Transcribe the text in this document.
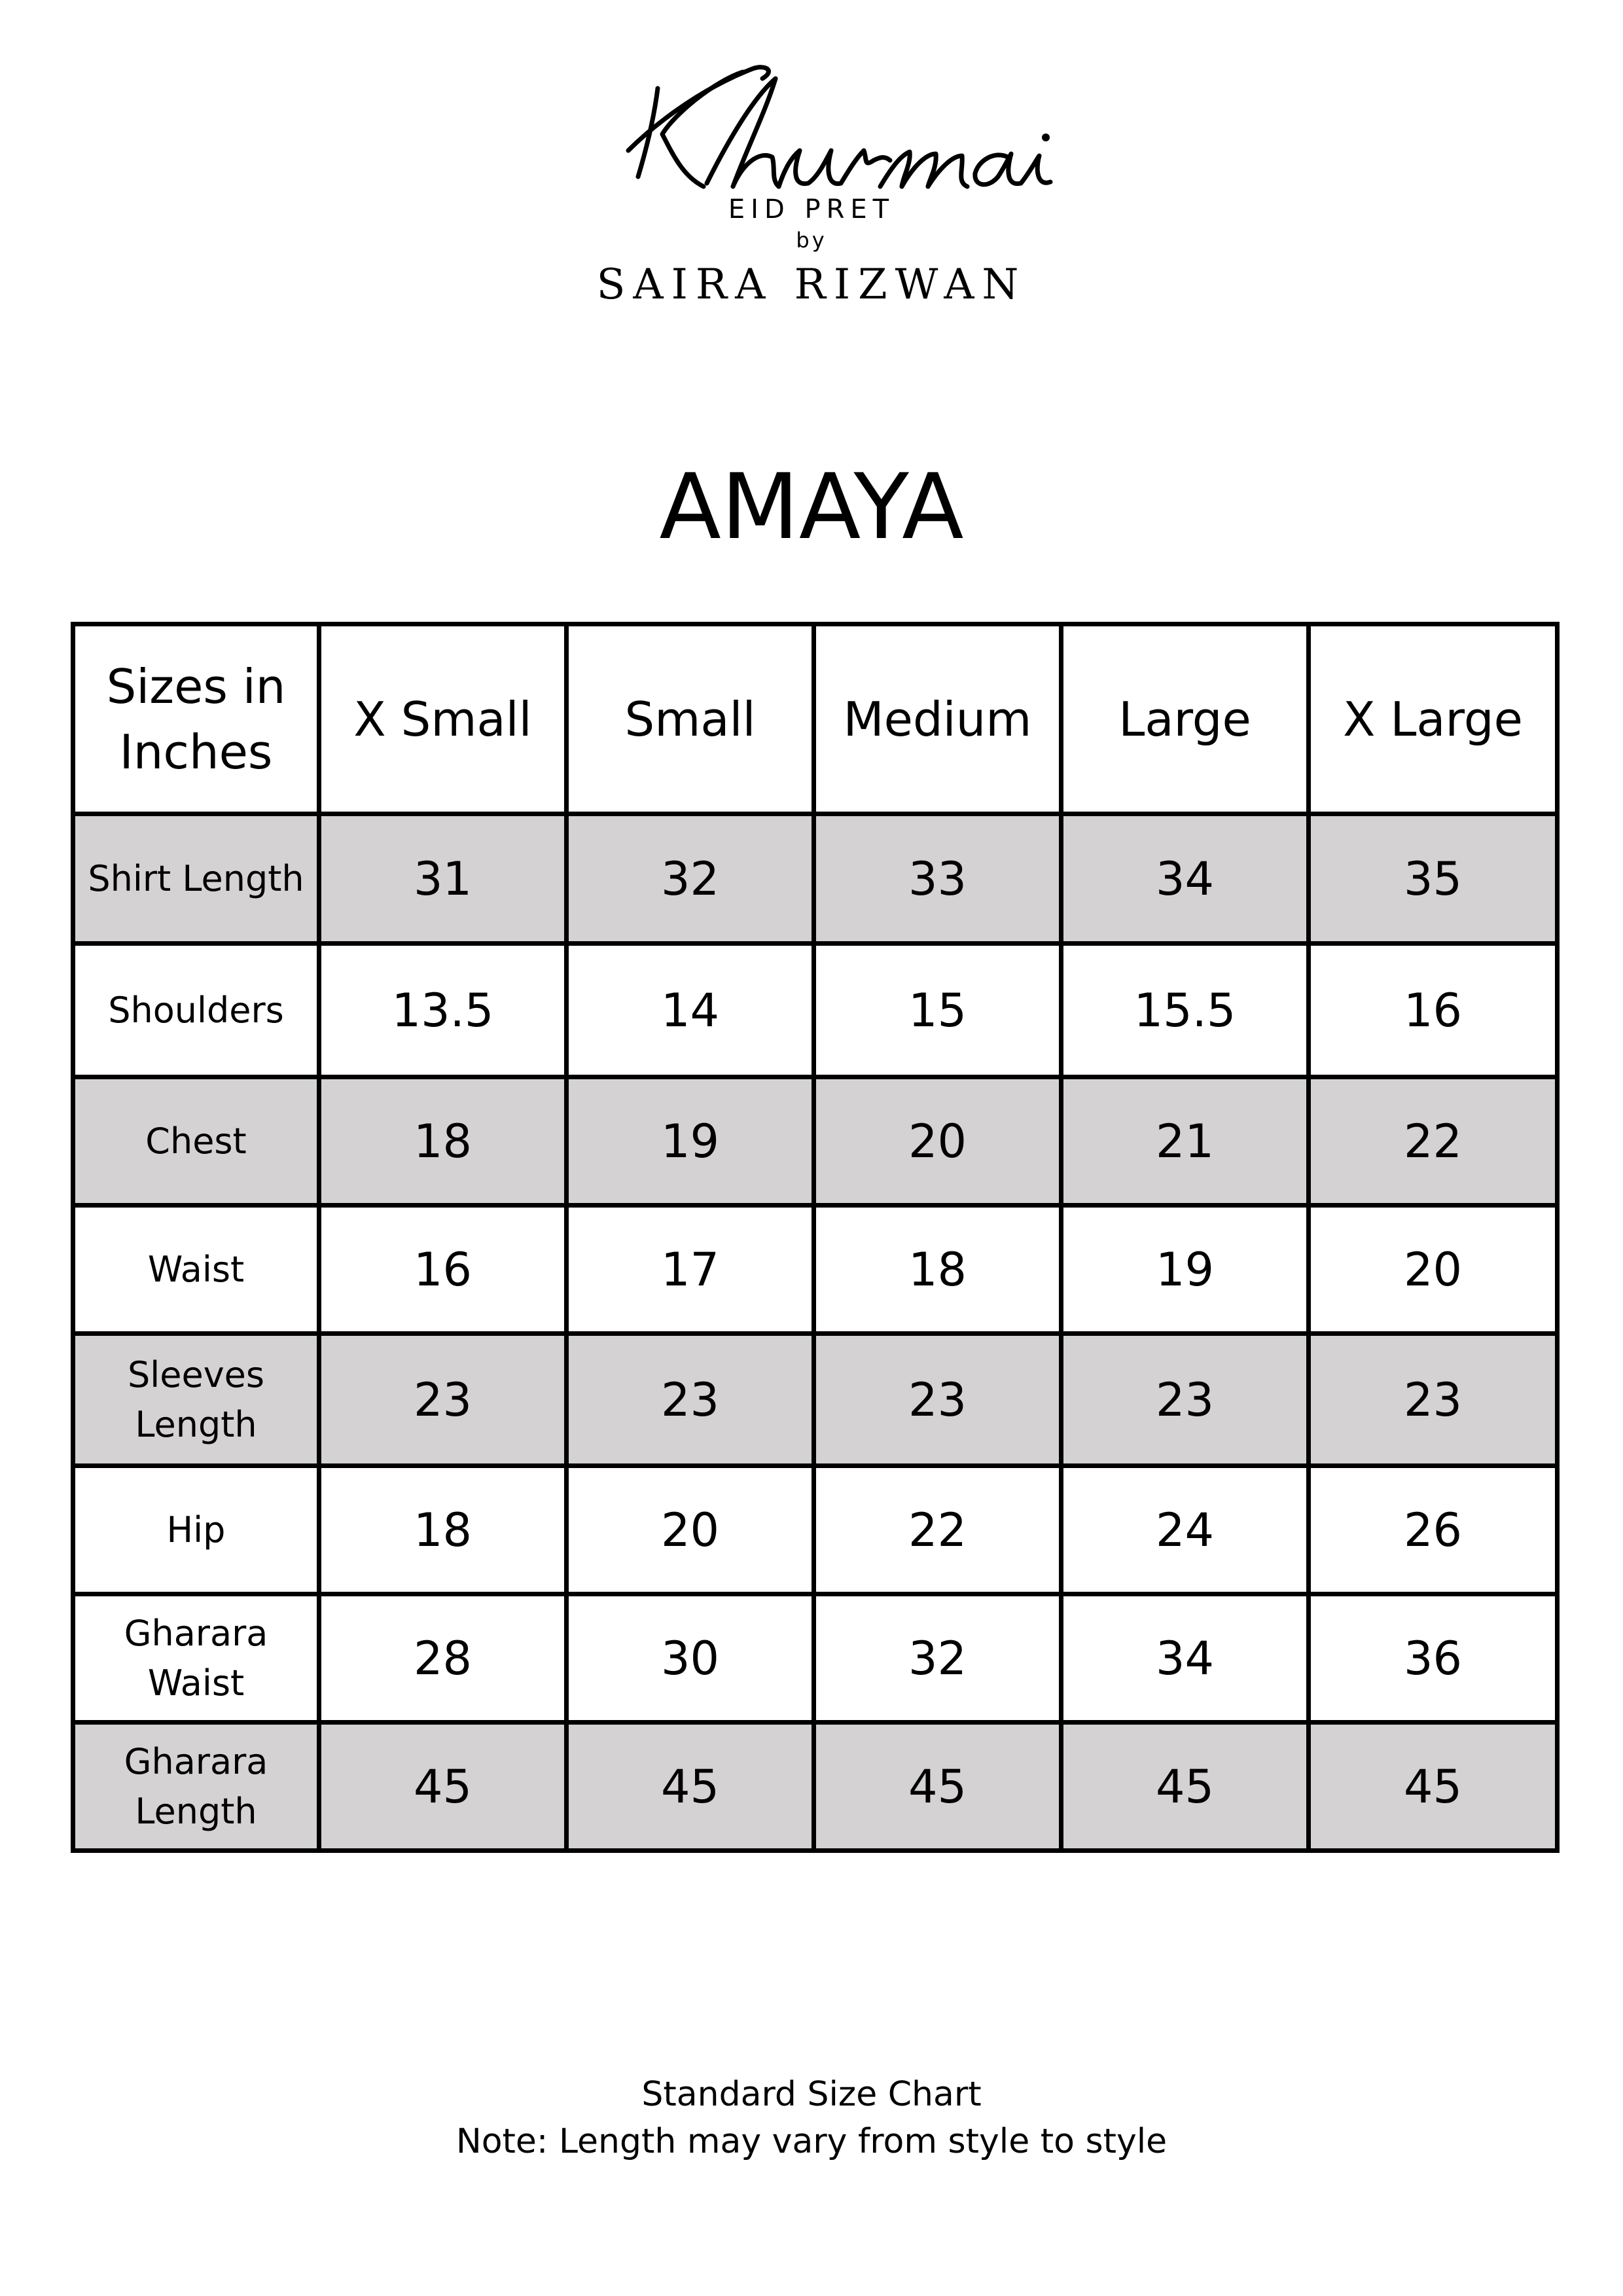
EID PRET
by
SAIRA RIZWAN
AMAYA
Sizes in Inches	X Small	Small	Medium	Large	X Large
Shirt Length	31	32	33	34	35
Shoulders	13.5	14	15	15.5	16
Chest	18	19	20	21	22
Waist	16	17	18	19	20
Sleeves Length	23	23	23	23	23
Hip	18	20	22	24	26
Gharara Waist	28	30	32	34	36
Gharara Length	45	45	45	45	45
Standard Size Chart
Note: Length may vary from style to style
